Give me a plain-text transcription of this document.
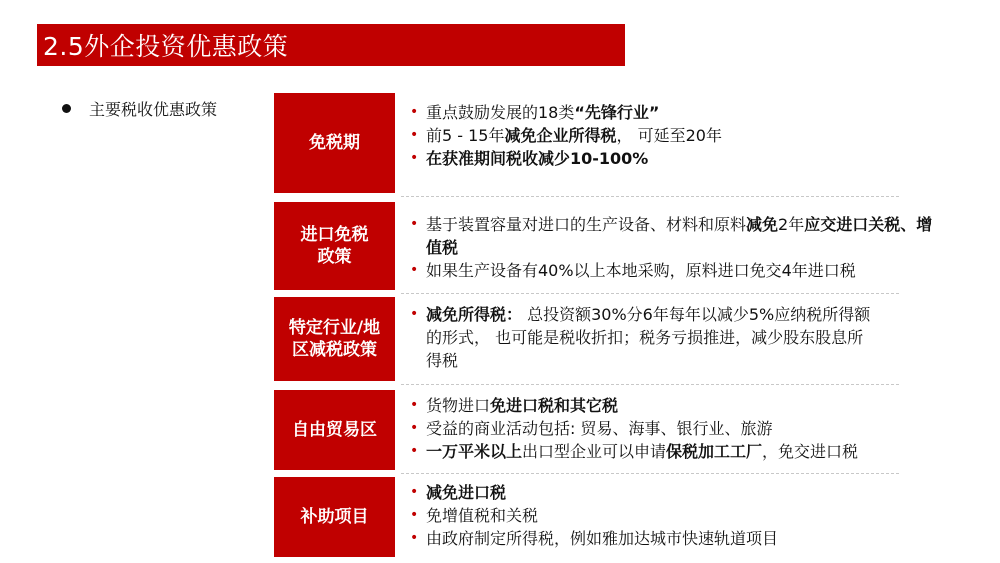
2.5外企投资优惠政策
主要税收优惠政策
免税期
• 重点鼓励发展的18类“先锋行业”
• 前5 - 15年减免企业所得税， 可延至20年
• 在获准期间税收减少10-100%
进口免税
政策
• 基于装置容量对进口的生产设备、材料和原料减免2年应交进口关税、增值税
• 如果生产设备有40%以上本地采购，原料进口免交4年进口税
特定行业/地
区减税政策
• 减免所得税： 总投资额30%分6年每年以减少5%应纳税所得额的形式， 也可能是税收折扣；税务亏损推进，减少股东股息所得税
自由贸易区
• 货物进口免进口税和其它税
• 受益的商业活动包括: 贸易、海事、银行业、旅游
• 一万平米以上出口型企业可以申请保税加工工厂，免交进口税
补助项目
• 减免进口税
• 免增值税和关税
• 由政府制定所得税，例如雅加达城市快速轨道项目
